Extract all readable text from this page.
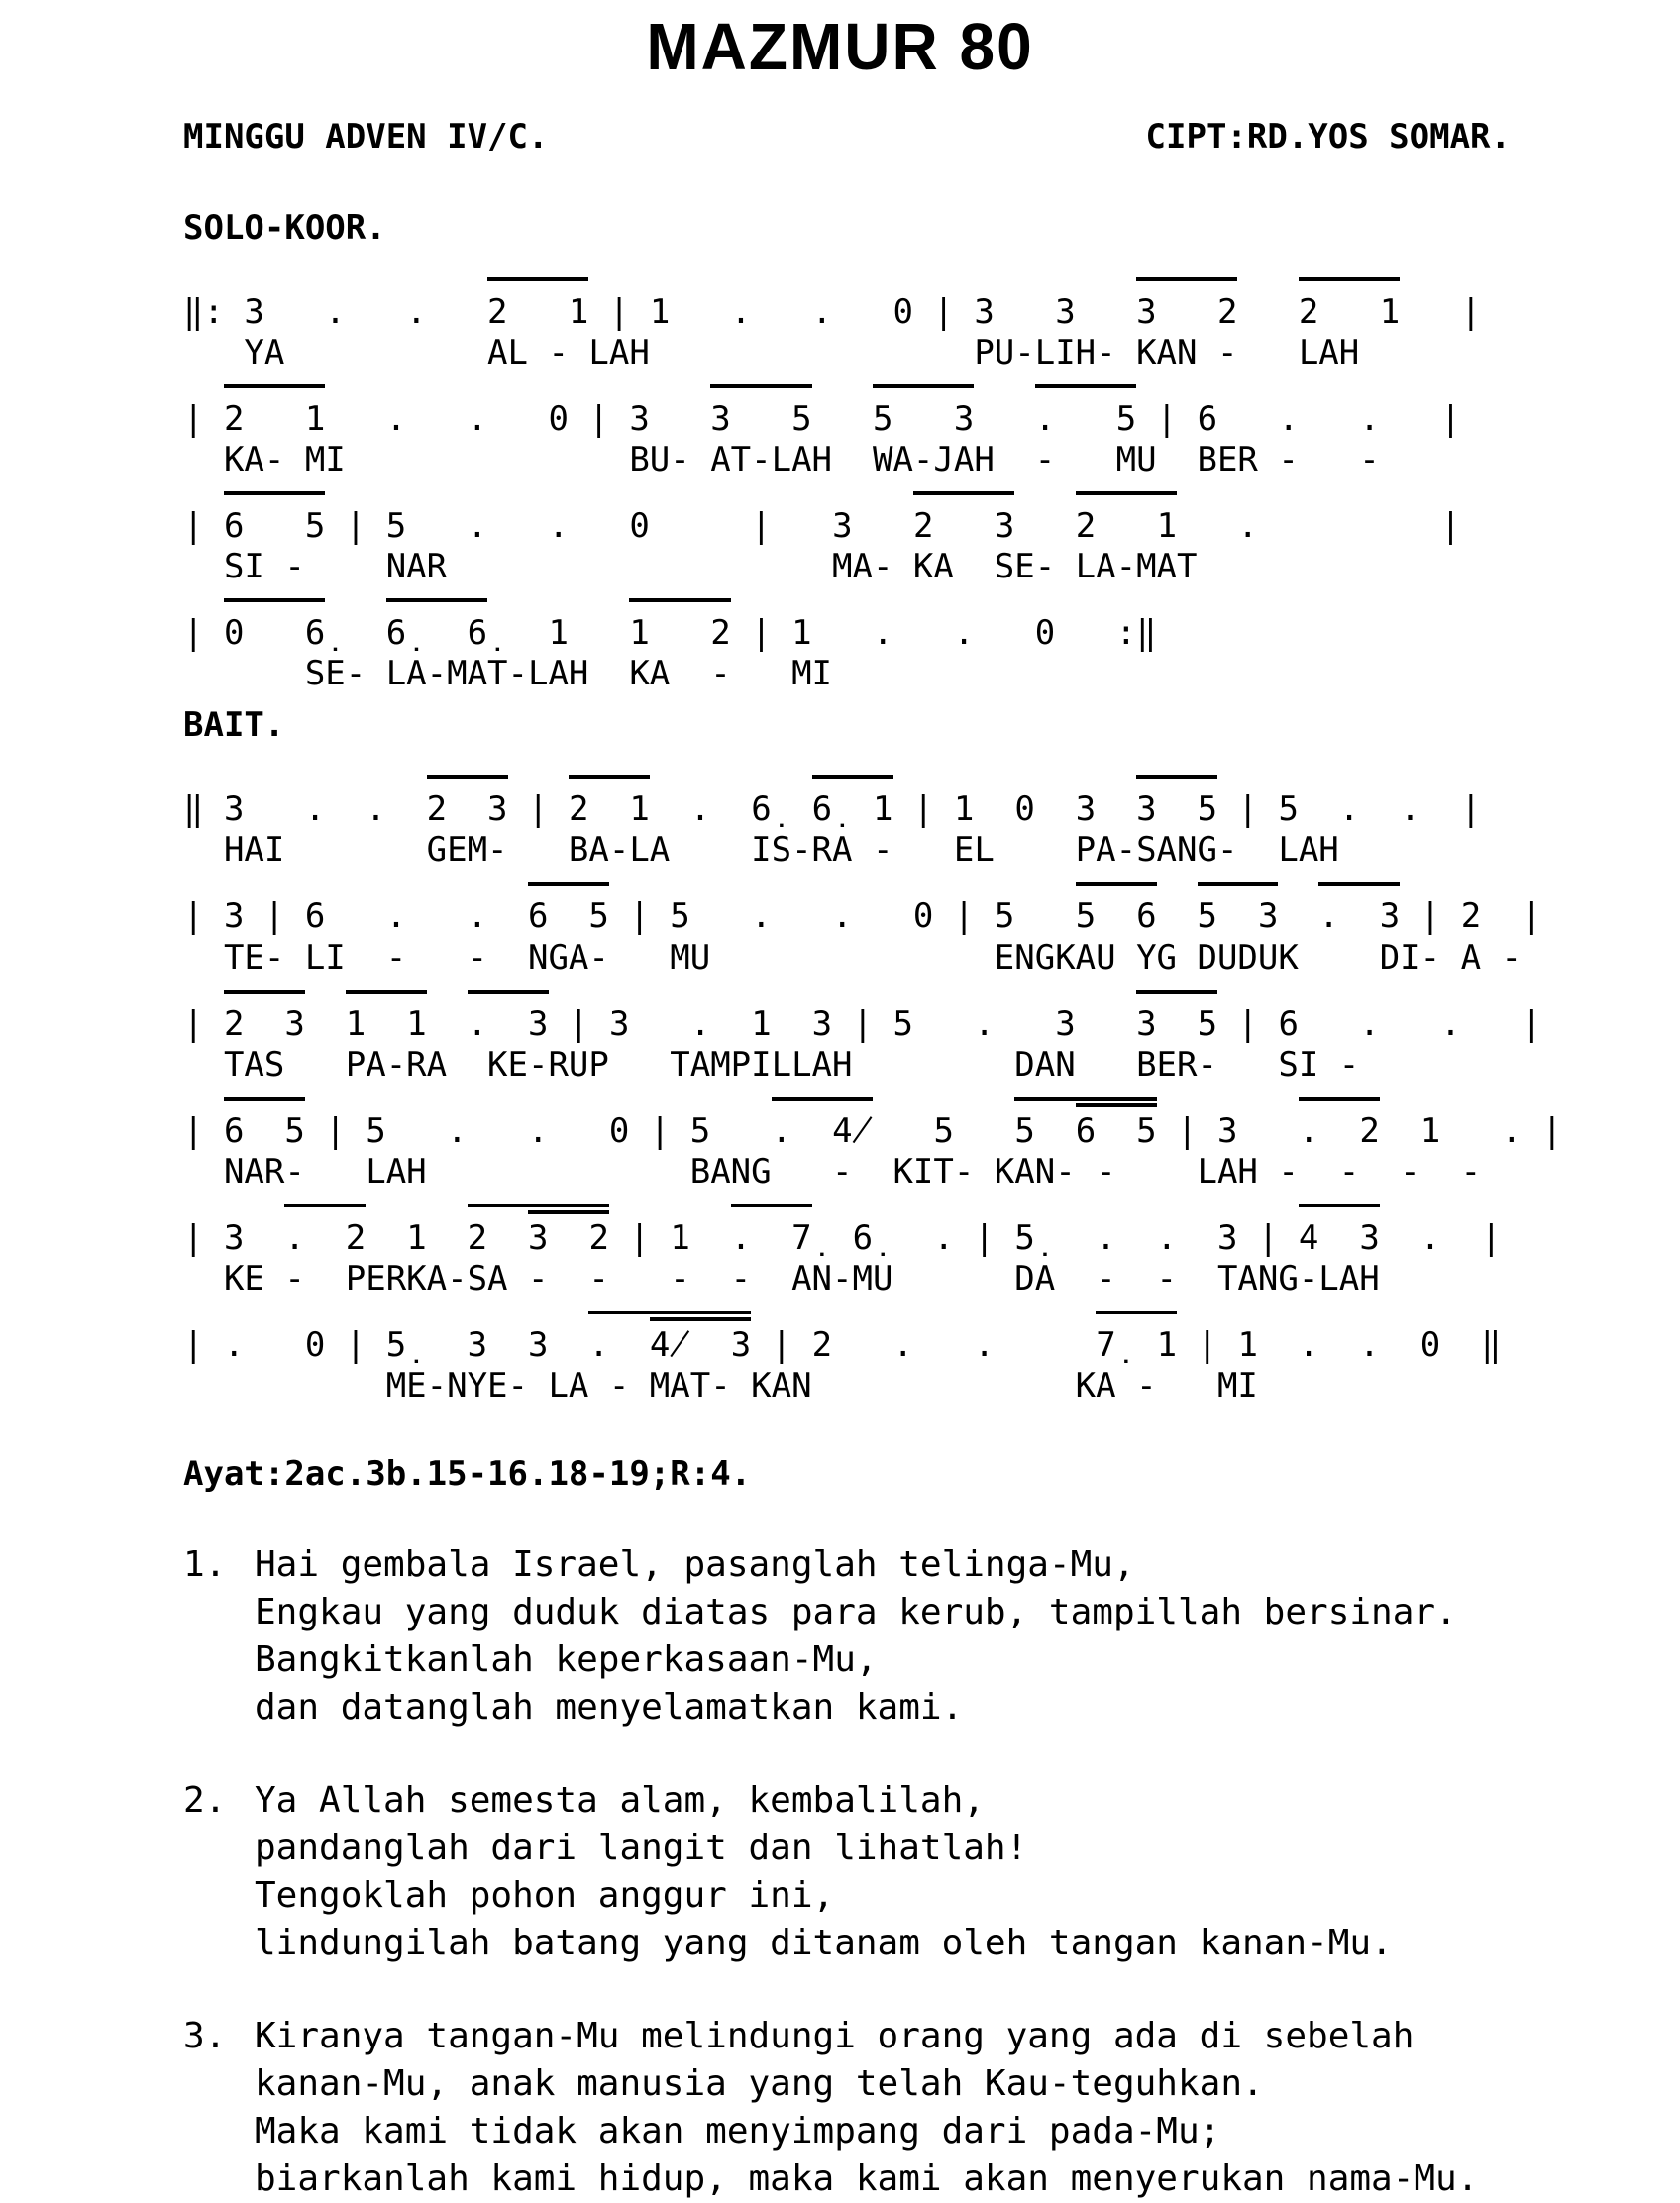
MAZMUR 80
MINGGU ADVEN IV/C.	CIPT:RD.YOS SOMAR.
SOLO-KOOR.
‖: 3   .   .   2   1 | 1   .   .   0 | 3   3   3   2 2   1   |
YA          AL - LAH                PU-LIH- KAN -   LAH
| 2   1   .   .   0 | 3   3   5 5   3 .   5 | 6   .   .   |
KA- MI              BU- AT-LAH  WA-JAH  -   MU  BER -   -
| 6   5 | 5   .   .   0     |   3   2   3 2   1   .         |
SI -    NAR                   MA- KA  SE- LA-MAT
| 0   6̣ 6̣   6̣   1   1   2 | 1   .   .   0   :‖
SE- LA-MAT-LAH  KA  -   MI
BAIT.
‖ 3   .  .  2  3 | 2  1  .  6̣  6̣  1 | 1  0  3  3  5 | 5  .  .  |
HAI       GEM-   BA-LA    IS-RA -   EL    PA-SANG-  LAH
| 3 | 6   .   .  6  5 | 5   .   .   0 | 5   5  6 5  3 .  3 | 2  |
TE- LI  -   -  NGA-   MU              ENGKAU YG DUDUK    DI- A -
| 2  3 1  1 .  3 | 3   .  1  3 | 5   .   3   3  5 | 6   .   .   |
TAS   PA-RA  KE-RUP   TAMPILLAH        DAN   BER-   SI -
| 6  5 | 5   .   .   0 | 5   .  4̸ 5   5  6  5 | 3   .  2  1   . |
NAR-   LAH             BANG   -  KIT- KAN- -    LAH -  -  -  -
| 3  .  2  1  2  3  2 | 1  .  7̣  6̣   . | 5̣   .  .  3 | 4  3  .  |
KE -  PERKA-SA -  -   -  -  AN-MU      DA  -  -  TANG-LAH
| .   0 | 5̣   3  3  .  4̸  3 | 2   .   .     7̣  1 | 1  .  .  0  ‖
ME-NYE- LA - MAT- KAN             KA -   MI
Ayat:2ac.3b.15-16.18-19;R:4.
1. Hai gembala Israel, pasanglah telinga-Mu,
Engkau yang duduk diatas para kerub, tampillah bersinar.
Bangkitkanlah keperkasaan-Mu,
dan datanglah menyelamatkan kami.
2. Ya Allah semesta alam, kembalilah,
pandanglah dari langit dan lihatlah!
Tengoklah pohon anggur ini,
lindungilah batang yang ditanam oleh tangan kanan-Mu.
3. Kiranya tangan-Mu melindungi orang yang ada di sebelah
kanan-Mu, anak manusia yang telah Kau-teguhkan.
Maka kami tidak akan menyimpang dari pada-Mu;
biarkanlah kami hidup, maka kami akan menyerukan nama-Mu.
